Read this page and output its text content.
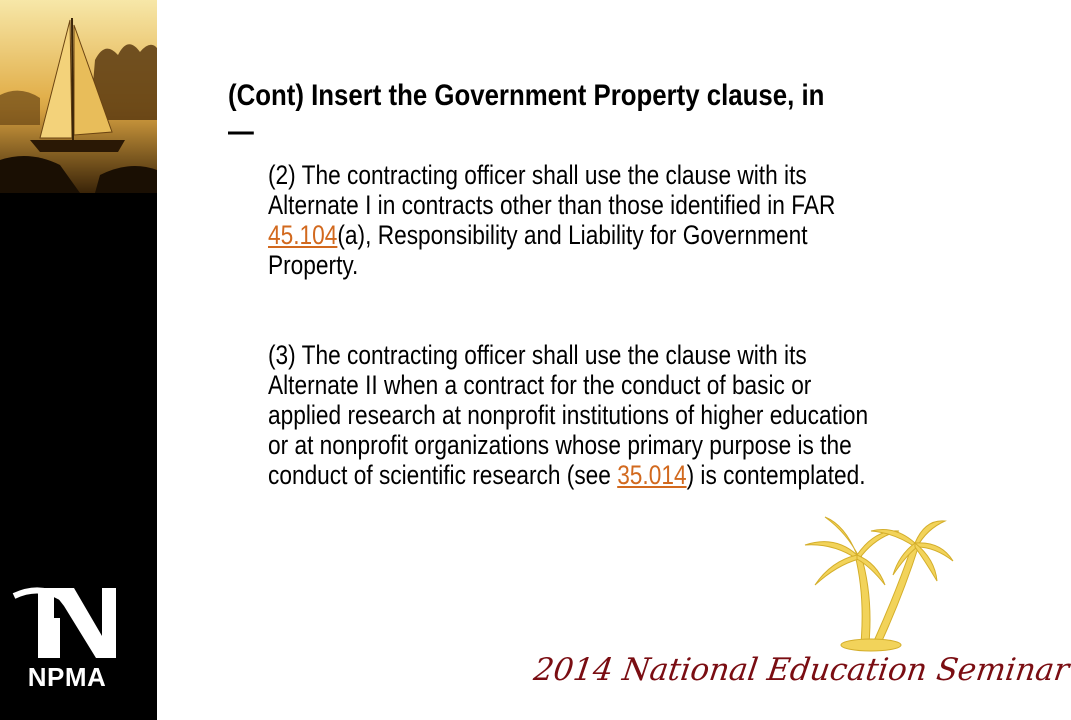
NPMA
(Cont) Insert the Government Property clause, in—

(2) The contracting officer shall use the clause with its Alternate I in contracts other than those identified in FAR 45.104(a), Responsibility and Liability for Government Property.

(3) The contracting officer shall use the clause with its Alternate II when a contract for the conduct of basic or applied research at nonprofit institutions of higher education or at nonprofit organizations whose primary purpose is the conduct of scientific research (see 35.014) is contemplated.

2014 National Education Seminar
